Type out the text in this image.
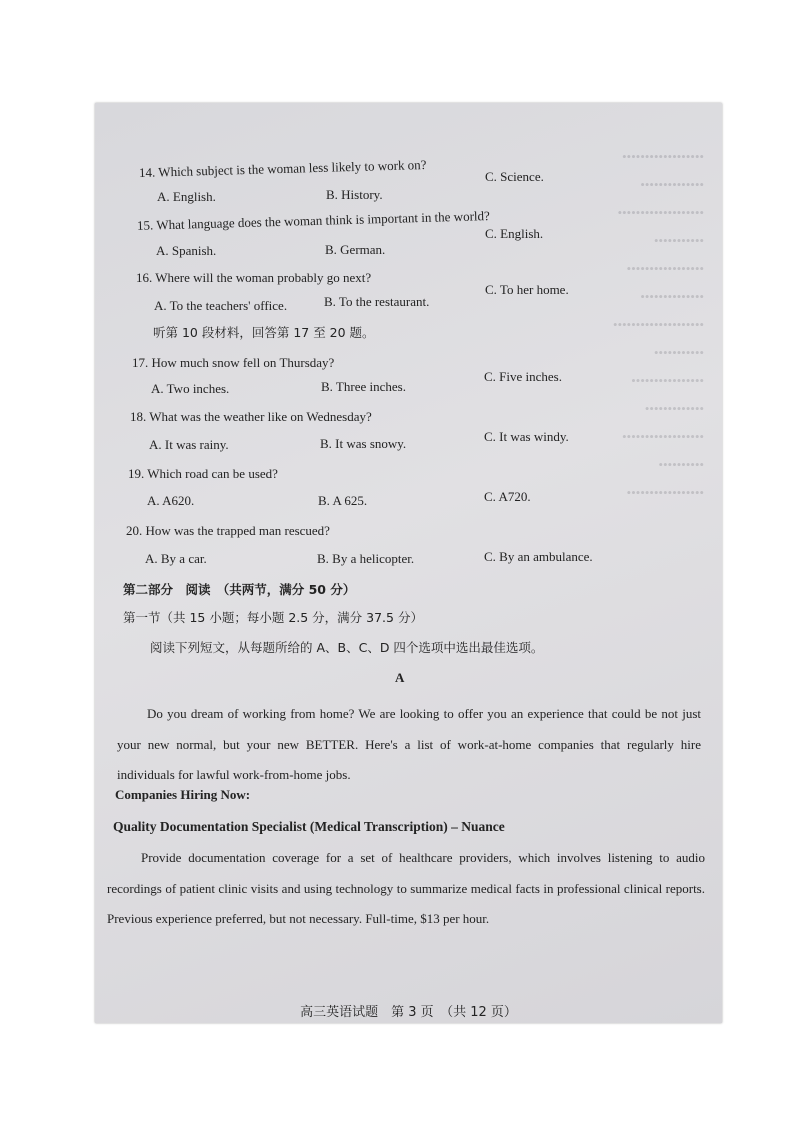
••••••••••••••••••
••••••••••••••
•••••••••••••••••••
•••••••••••
•••••••••••••••••
••••••••••••••
••••••••••••••••••••
•••••••••••
••••••••••••••••
•••••••••••••
••••••••••••••••••
••••••••••
•••••••••••••••••
14. Which subject is the woman less likely to work on?
A. English.	B. History.
C. Science.
15. What language does the woman think is important in the world?
A. Spanish.	B. German.
C. English.
16. Where will the woman probably go next?
A. To the teachers' office.	B. To the restaurant.
C. To her home.
听第 10 段材料，回答第 17 至 20 题。
17. How much snow fell on Thursday?
A. Two inches.	B. Three inches.
C. Five inches.
18. What was the weather like on Wednesday?
A. It was rainy.	B. It was snowy.	C. It was windy.
19. Which road can be used?
A. A620.	B. A 625.	C. A720.
20. How was the trapped man rescued?
A. By a car.	B. By a helicopter.	C. By an ambulance.
第二部分　阅读　（共两节，满分 50 分）
第一节（共 15 小题；每小题 2.5 分，满分 37.5 分）
阅读下列短文，从每题所给的 A、B、C、D 四个选项中选出最佳选项。
A
Do you dream of working from home? We are looking to offer you an experience that could be not just your new normal, but your new BETTER. Here's a list of work-at-home companies that regularly hire individuals for lawful work-from-home jobs.
Companies Hiring Now:
Quality Documentation Specialist (Medical Transcription) – Nuance
Provide documentation coverage for a set of healthcare providers, which involves listening to audio recordings of patient clinic visits and using technology to summarize medical facts in professional clinical reports. Previous experience preferred, but not necessary. Full-time, $13 per hour.
高三英语试题　第 3 页　（共 12 页）
